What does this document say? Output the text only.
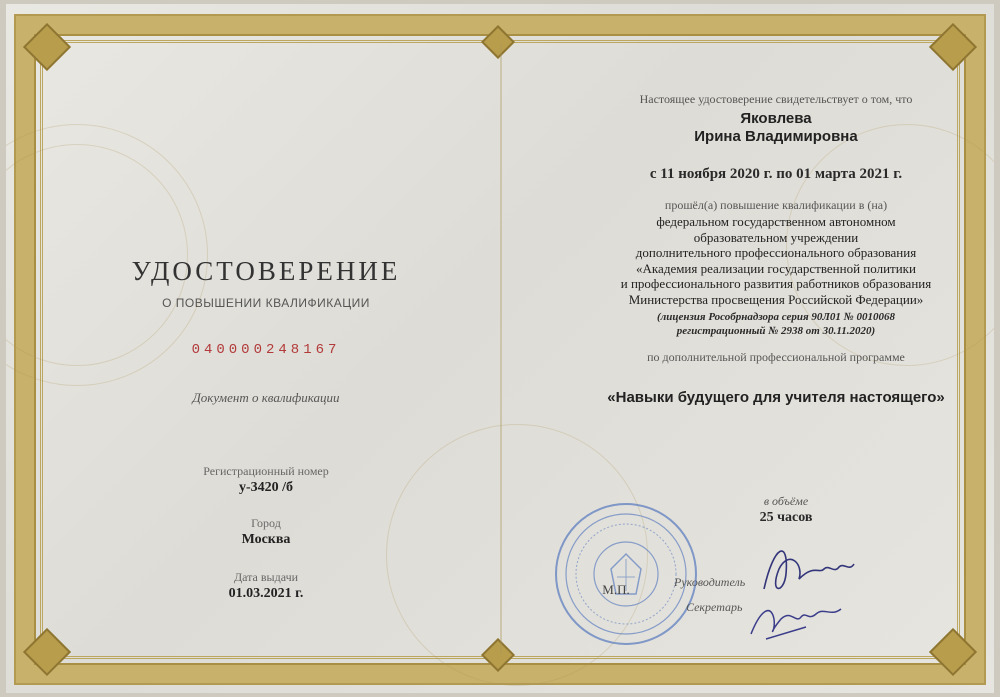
УДОСТОВЕРЕНИЕ
О ПОВЫШЕНИИ КВАЛИФИКАЦИИ
040000248167
Документ о квалификации
Регистрационный номер
у-3420 /б
Город
Москва
Дата выдачи
01.03.2021 г.
Настоящее удостоверение свидетельствует о том, что
Яковлева
Ирина Владимировна
с 11 ноября 2020 г. по 01 марта 2021 г.
прошёл(а) повышение квалификации в (на)
федеральном государственном автономном
образовательном учреждении
дополнительного профессионального образования
«Академия реализации государственной политики
и профессионального развития работников образования
Министерства просвещения Российской Федерации»
(лицензия Рособрнадзора серия 90Л01 № 0010068
регистрационный № 2938 от 30.11.2020)
по дополнительной профессиональной программе
«Навыки будущего для учителя настоящего»
в объёме
25 часов
М.П.	Руководитель
Секретарь
